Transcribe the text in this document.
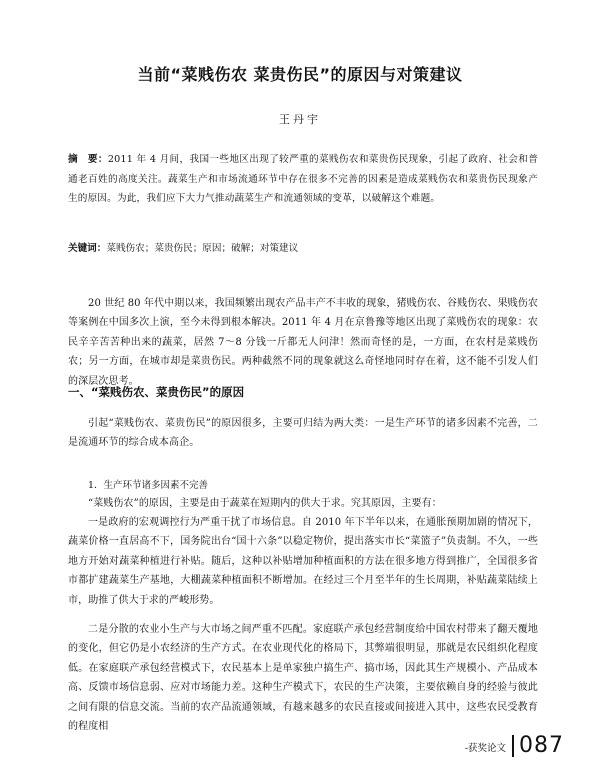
当前“菜贱伤农 菜贵伤民”的原因与对策建议
王丹宇
摘　要：2011 年 4 月间，我国一些地区出现了较严重的菜贱伤农和菜贵伤民现象，引起了政府、社会和普通老百姓的高度关注。蔬菜生产和市场流通环节中存在很多不完善的因素是造成菜贱伤农和菜贵伤民现象产生的原因。为此，我们应下大力气推动蔬菜生产和流通领域的变革，以破解这个难题。
关键词：菜贱伤农；菜贵伤民；原因；破解；对策建议

20 世纪 80 年代中期以来，我国频繁出现农产品丰产不丰收的现象，猪贱伤农、谷贱伤农、果贱伤农等案例在中国多次上演，至今未得到根本解决。2011 年 4 月在京鲁豫等地区出现了菜贱伤农的现象：农民辛辛苦苦种出来的蔬菜，居然 7～8 分钱一斤都无人问津！然而奇怪的是，一方面，在农村是菜贱伤农；另一方面，在城市却是菜贵伤民。两种截然不同的现象就这么奇怪地同时存在着，这不能不引发人们的深层次思考。

一、“菜贱伤农、菜贵伤民”的原因

引起“菜贱伤农、菜贵伤民”的原因很多，主要可归结为两大类：一是生产环节的诸多因素不完善，二是流通环节的综合成本高企。

1．生产环节诸多因素不完善

“菜贱伤农”的原因，主要是由于蔬菜在短期内的供大于求。究其原因，主要有：

一是政府的宏观调控行为严重干扰了市场信息。自 2010 年下半年以来，在通胀预期加剧的情况下，蔬菜价格一直居高不下，国务院出台“国十六条”以稳定物价，提出落实市长“菜篮子”负责制。不久，一些地方开始对蔬菜种植进行补贴。随后，这种以补贴增加种植面积的方法在很多地方得到推广，全国很多省市都扩建蔬菜生产基地，大棚蔬菜种植面积不断增加。在经过三个月至半年的生长周期，补贴蔬菜陆续上市，助推了供大于求的严峻形势。

二是分散的农业小生产与大市场之间严重不匹配。家庭联产承包经营制度给中国农村带来了翻天覆地的变化，但它仍是小农经济的生产方式。在农业现代化的格局下，其弊端很明显，那就是农民组织化程度低。在家庭联产承包经营模式下，农民基本上是单家独户搞生产、搞市场，因此其生产规模小、产品成本高、反馈市场信息弱、应对市场能力差。这种生产模式下，农民的生产决策，主要依赖自身的经验与彼此之间有限的信息交流。当前的农产品流通领域，有越来越多的农民直接或间接进入其中，这些农民受教育的程度相

-获奖论文 087
